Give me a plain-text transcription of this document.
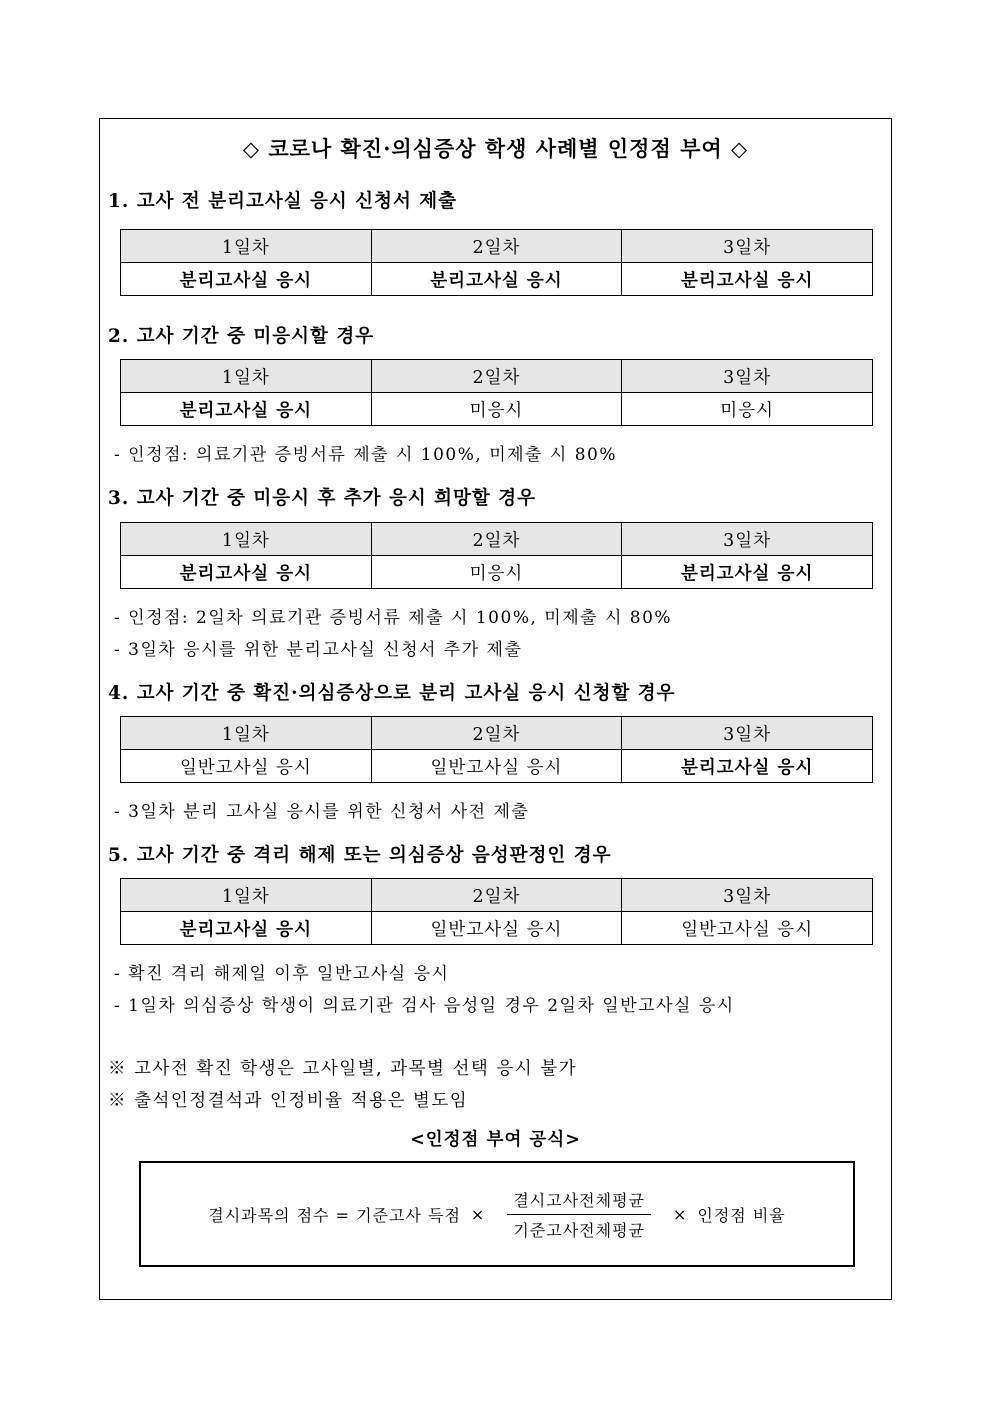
◇ 코로나 확진·의심증상 학생 사례별 인정점 부여 ◇
1. 고사 전 분리고사실 응시 신청서 제출
1일차	2일차	3일차
분리고사실 응시	분리고사실 응시	분리고사실 응시
2. 고사 기간 중 미응시할 경우
1일차	2일차	3일차
분리고사실 응시	미응시	미응시
- 인정점: 의료기관 증빙서류 제출 시 100%, 미제출 시 80%
3. 고사 기간 중 미응시 후 추가 응시 희망할 경우
1일차	2일차	3일차
분리고사실 응시	미응시	분리고사실 응시
- 인정점: 2일차 의료기관 증빙서류 제출 시 100%, 미제출 시 80%
- 3일차 응시를 위한 분리고사실 신청서 추가 제출
4. 고사 기간 중 확진·의심증상으로 분리 고사실 응시 신청할 경우
1일차	2일차	3일차
일반고사실 응시	일반고사실 응시	분리고사실 응시
- 3일차 분리 고사실 응시를 위한 신청서 사전 제출
5. 고사 기간 중 격리 해제 또는 의심증상 음성판정인 경우
1일차	2일차	3일차
분리고사실 응시	일반고사실 응시	일반고사실 응시
- 확진 격리 해제일 이후 일반고사실 응시
- 1일차 의심증상 학생이 의료기관 검사 음성일 경우 2일차 일반고사실 응시
※ 고사전 확진 학생은 고사일별, 과목별 선택 응시 불가
※ 출석인정결석과 인정비율 적용은 별도임
<인정점 부여 공식>
결시과목의 점수 = 기준고사 득점 × $\frac{\text{결시고사전체평균}}{\text{기준고사전체평균}}$ × 인정점 비율
